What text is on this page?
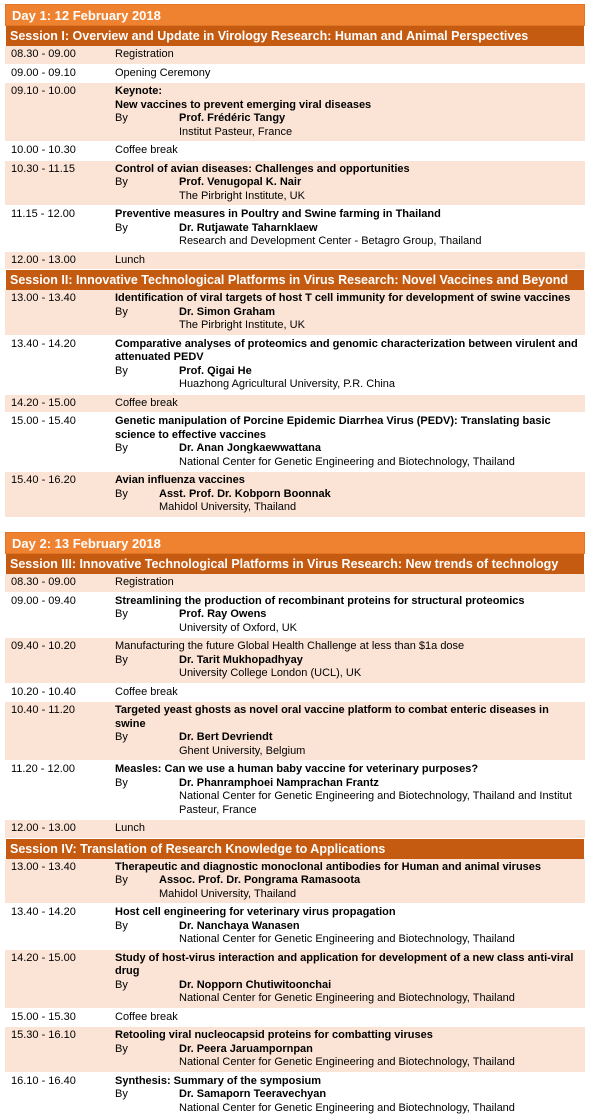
Day 1: 12 February 2018
Session I: Overview and Update in Virology Research: Human and Animal Perspectives
08.30 - 09.00	Registration
09.00 - 09.10	Opening Ceremony
09.10 - 10.00	Keynote:
New vaccines to prevent emerging viral diseases
By	Prof. Frédéric Tangy
Institut Pasteur, France
10.00 - 10.30	Coffee break
10.30 - 11.15	Control of avian diseases: Challenges and opportunities
By	Prof. Venugopal K. Nair
The Pirbright Institute, UK
11.15 - 12.00	Preventive measures in Poultry and Swine farming in Thailand
By	Dr. Rutjawate Taharnklaew
Research and Development Center - Betagro Group, Thailand
12.00 - 13.00	Lunch
Session II: Innovative Technological Platforms in Virus Research: Novel Vaccines and Beyond
13.00 - 13.40	Identification of viral targets of host T cell immunity for development of swine vaccines
By	Dr. Simon Graham
The Pirbright Institute, UK
13.40 - 14.20	Comparative analyses of proteomics and genomic characterization between virulent and attenuated PEDV
By	Prof. Qigai He
Huazhong Agricultural University, P.R. China
14.20 - 15.00	Coffee break
15.00 - 15.40	Genetic manipulation of Porcine Epidemic Diarrhea Virus (PEDV): Translating basic science to effective vaccines
By	Dr. Anan Jongkaewwattana
National Center for Genetic Engineering and Biotechnology, Thailand
15.40 - 16.20	Avian influenza vaccines
By	Asst. Prof. Dr. Kobporn Boonnak
Mahidol University, Thailand
Day 2: 13 February 2018
Session III: Innovative Technological Platforms in Virus Research: New trends of technology
08.30 - 09.00	Registration
09.00 - 09.40	Streamlining the production of recombinant proteins for structural proteomics
By	Prof. Ray Owens
University of Oxford, UK
09.40 - 10.20	Manufacturing the future Global Health Challenge at less than $1a dose
By	Dr. Tarit Mukhopadhyay
University College London (UCL), UK
10.20 - 10.40	Coffee break
10.40 - 11.20	Targeted yeast ghosts as novel oral vaccine platform to combat enteric diseases in swine
By	Dr. Bert Devriendt
Ghent University, Belgium
11.20 - 12.00	Measles: Can we use a human baby vaccine for veterinary purposes?
By	Dr. Phanramphoei Namprachan Frantz
National Center for Genetic Engineering and Biotechnology, Thailand and Institut Pasteur, France
12.00 - 13.00	Lunch
Session IV: Translation of Research Knowledge to Applications
13.00 - 13.40	Therapeutic and diagnostic monoclonal antibodies for Human and animal viruses
By	Assoc. Prof. Dr. Pongrama Ramasoota
Mahidol University, Thailand
13.40 - 14.20	Host cell engineering for veterinary virus propagation
By	Dr. Nanchaya Wanasen
National Center for Genetic Engineering and Biotechnology, Thailand
14.20 - 15.00	Study of host-virus interaction and application for development of a new class anti-viral drug
By	Dr. Nopporn Chutiwitoonchai
National Center for Genetic Engineering and Biotechnology, Thailand
15.00 - 15.30	Coffee break
15.30 - 16.10	Retooling viral nucleocapsid proteins for combatting viruses
By	Dr. Peera Jaruampornpan
National Center for Genetic Engineering and Biotechnology, Thailand
16.10 - 16.40	Synthesis: Summary of the symposium
By	Dr. Samaporn Teeravechyan
National Center for Genetic Engineering and Biotechnology, Thailand
